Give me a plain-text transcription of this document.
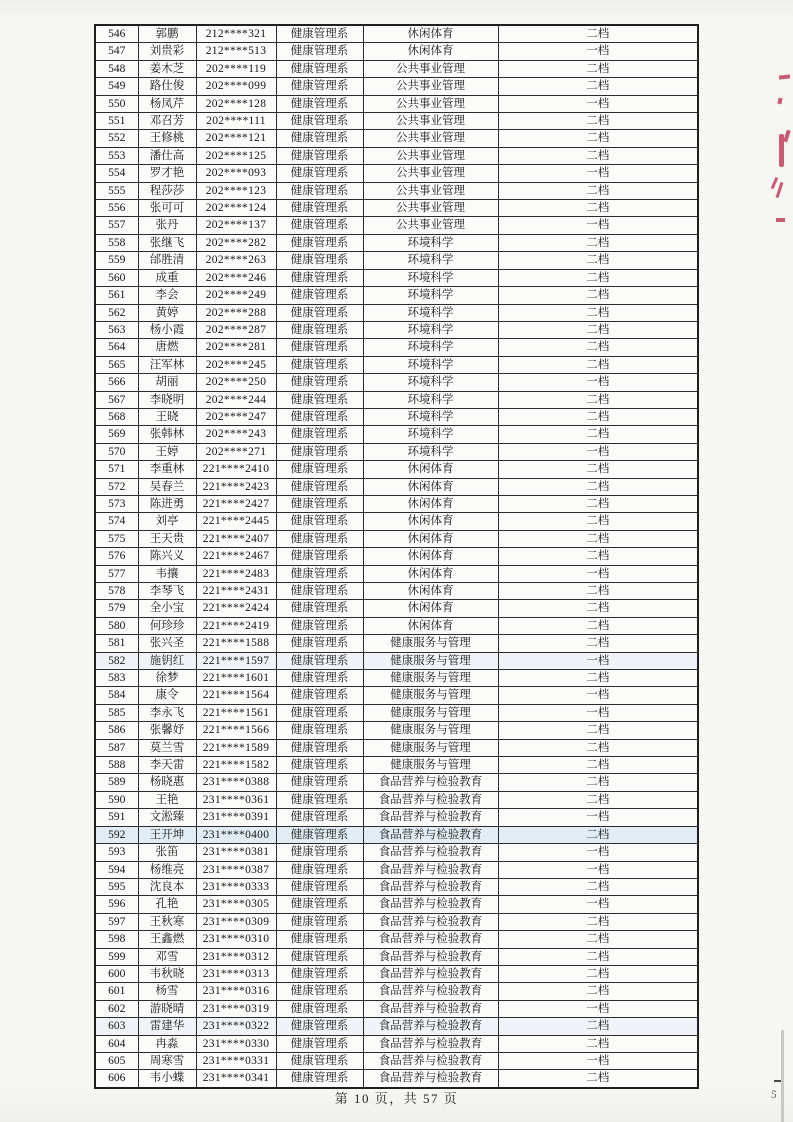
546	郭鹏	212****321	健康管理系	休闲体育	二档
547	刘贵彩	212****513	健康管理系	休闲体育	一档
548	姜木芝	202****119	健康管理系	公共事业管理	二档
549	路仕俊	202****099	健康管理系	公共事业管理	二档
550	杨凤芹	202****128	健康管理系	公共事业管理	一档
551	邓召芳	202****111	健康管理系	公共事业管理	二档
552	王修桃	202****121	健康管理系	公共事业管理	二档
553	潘仕高	202****125	健康管理系	公共事业管理	二档
554	罗才艳	202****093	健康管理系	公共事业管理	一档
555	程莎莎	202****123	健康管理系	公共事业管理	二档
556	张可可	202****124	健康管理系	公共事业管理	二档
557	张丹	202****137	健康管理系	公共事业管理	一档
558	张继飞	202****282	健康管理系	环境科学	二档
559	邰胜清	202****263	健康管理系	环境科学	二档
560	成重	202****246	健康管理系	环境科学	二档
561	李会	202****249	健康管理系	环境科学	二档
562	黄婷	202****288	健康管理系	环境科学	二档
563	杨小霞	202****287	健康管理系	环境科学	二档
564	唐燃	202****281	健康管理系	环境科学	二档
565	汪军林	202****245	健康管理系	环境科学	二档
566	胡丽	202****250	健康管理系	环境科学	一档
567	李晓明	202****244	健康管理系	环境科学	二档
568	王晓	202****247	健康管理系	环境科学	二档
569	张韩林	202****243	健康管理系	环境科学	二档
570	王婷	202****271	健康管理系	环境科学	一档
571	李重林	221****2410	健康管理系	休闲体育	二档
572	吴春兰	221****2423	健康管理系	休闲体育	二档
573	陈进勇	221****2427	健康管理系	休闲体育	二档
574	刘亭	221****2445	健康管理系	休闲体育	二档
575	王天贵	221****2407	健康管理系	休闲体育	二档
576	陈兴义	221****2467	健康管理系	休闲体育	二档
577	韦攘	221****2483	健康管理系	休闲体育	一档
578	李琴飞	221****2431	健康管理系	休闲体育	二档
579	全小宝	221****2424	健康管理系	休闲体育	二档
580	何珍珍	221****2419	健康管理系	休闲体育	二档
581	张兴圣	221****1588	健康管理系	健康服务与管理	二档
582	施钥红	221****1597	健康管理系	健康服务与管理	一档
583	徐梦	221****1601	健康管理系	健康服务与管理	二档
584	康令	221****1564	健康管理系	健康服务与管理	一档
585	李永飞	221****1561	健康管理系	健康服务与管理	一档
586	张馨妤	221****1566	健康管理系	健康服务与管理	二档
587	莫兰雪	221****1589	健康管理系	健康服务与管理	二档
588	李天雷	221****1582	健康管理系	健康服务与管理	二档
589	杨晓惠	231****0388	健康管理系	食品营养与检验教育	二档
590	王艳	231****0361	健康管理系	食品营养与检验教育	二档
591	文淞臻	231****0391	健康管理系	食品营养与检验教育	一档
592	王开坤	231****0400	健康管理系	食品营养与检验教育	二档
593	张笛	231****0381	健康管理系	食品营养与检验教育	一档
594	杨维亮	231****0387	健康管理系	食品营养与检验教育	一档
595	沈良本	231****0333	健康管理系	食品营养与检验教育	二档
596	孔艳	231****0305	健康管理系	食品营养与检验教育	一档
597	王秋寒	231****0309	健康管理系	食品营养与检验教育	二档
598	王鑫燃	231****0310	健康管理系	食品营养与检验教育	二档
599	邓雪	231****0312	健康管理系	食品营养与检验教育	二档
600	韦秋晓	231****0313	健康管理系	食品营养与检验教育	二档
601	杨雪	231****0316	健康管理系	食品营养与检验教育	二档
602	游晓晴	231****0319	健康管理系	食品营养与检验教育	一档
603	雷建华	231****0322	健康管理系	食品营养与检验教育	二档
604	冉淼	231****0330	健康管理系	食品营养与检验教育	二档
605	周寒雪	231****0331	健康管理系	食品营养与检验教育	一档
606	韦小蝶	231****0341	健康管理系	食品营养与检验教育	二档
第 10 页，共 57 页	5
